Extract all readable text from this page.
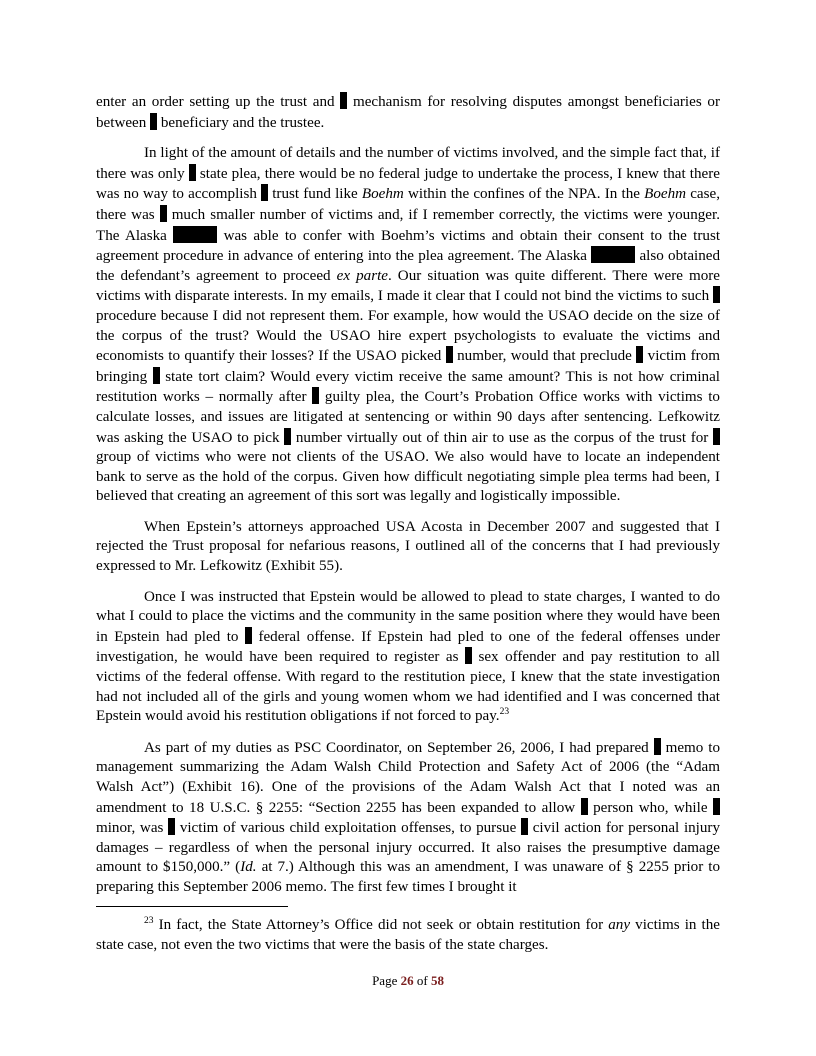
enter an order setting up the trust and mechanism for resolving disputes amongst beneficiaries or between beneficiary and the trustee.

In light of the amount of details and the number of victims involved, and the simple fact that, if there was only state plea, there would be no federal judge to undertake the process, I knew that there was no way to accomplish trust fund like Boehm within the confines of the NPA. In the Boehm case, there was much smaller number of victims and, if I remember correctly, the victims were younger. The Alaska	was able to confer with Boehm’s victims and obtain their consent to the trust agreement procedure in advance of entering into the plea agreement. The Alaska	also obtained the defendant’s agreement to proceed ex parte. Our situation was quite different. There were more victims with disparate interests. In my emails, I made it clear that I could not bind the victims to such  procedure because I did not represent them. For example, how would the USAO decide on the size of the corpus of the trust? Would the USAO hire expert psychologists to evaluate the victims and economists to quantify their losses? If the USAO picked number, would that preclude victim from bringing state tort claim? Would every victim receive the same amount? This is not how criminal restitution works – normally after guilty plea, the Court’s Probation Office works with victims to calculate losses, and issues are litigated at sentencing or within 90 days after sentencing. Lefkowitz was asking the USAO to pick number virtually out of thin air to use as the corpus of the trust for  group of victims who were not clients of the USAO. We also would have to locate an independent bank to serve as the hold of the corpus. Given how difficult negotiating simple plea terms had been, I believed that creating an agreement of this sort was legally and logistically impossible.

When Epstein’s attorneys approached USA Acosta in December 2007 and suggested that I rejected the Trust proposal for nefarious reasons, I outlined all of the concerns that I had previously expressed to Mr. Lefkowitz (Exhibit 55).

Once I was instructed that Epstein would be allowed to plead to state charges, I wanted to do what I could to place the victims and the community in the same position where they would have been in Epstein had pled to federal offense. If Epstein had pled to one of the federal offenses under investigation, he would have been required to register as sex offender and pay restitution to all victims of the federal offense. With regard to the restitution piece, I knew that the state investigation had not included all of the girls and young women whom we had identified and I was concerned that Epstein would avoid his restitution obligations if not forced to pay.$^{23}$

As part of my duties as PSC Coordinator, on September 26, 2006, I had prepared memo to management summarizing the Adam Walsh Child Protection and Safety Act of 2006 (the “Adam Walsh Act”) (Exhibit 16). One of the provisions of the Adam Walsh Act that I noted was an amendment to 18 U.S.C. § 2255: “Section 2255 has been expanded to allow person who, while  minor, was victim of various child exploitation offenses, to pursue civil action for personal injury damages – regardless of when the personal injury occurred. It also raises the presumptive damage amount to $150,000.” (Id. at 7.) Although this was an amendment, I was unaware of § 2255 prior to preparing this September 2006 memo. The first few times I brought it

$^{23}$ In fact, the State Attorney’s Office did not seek or obtain restitution for any victims in the state case, not even the two victims that were the basis of the state charges.
Page 26 of 58
